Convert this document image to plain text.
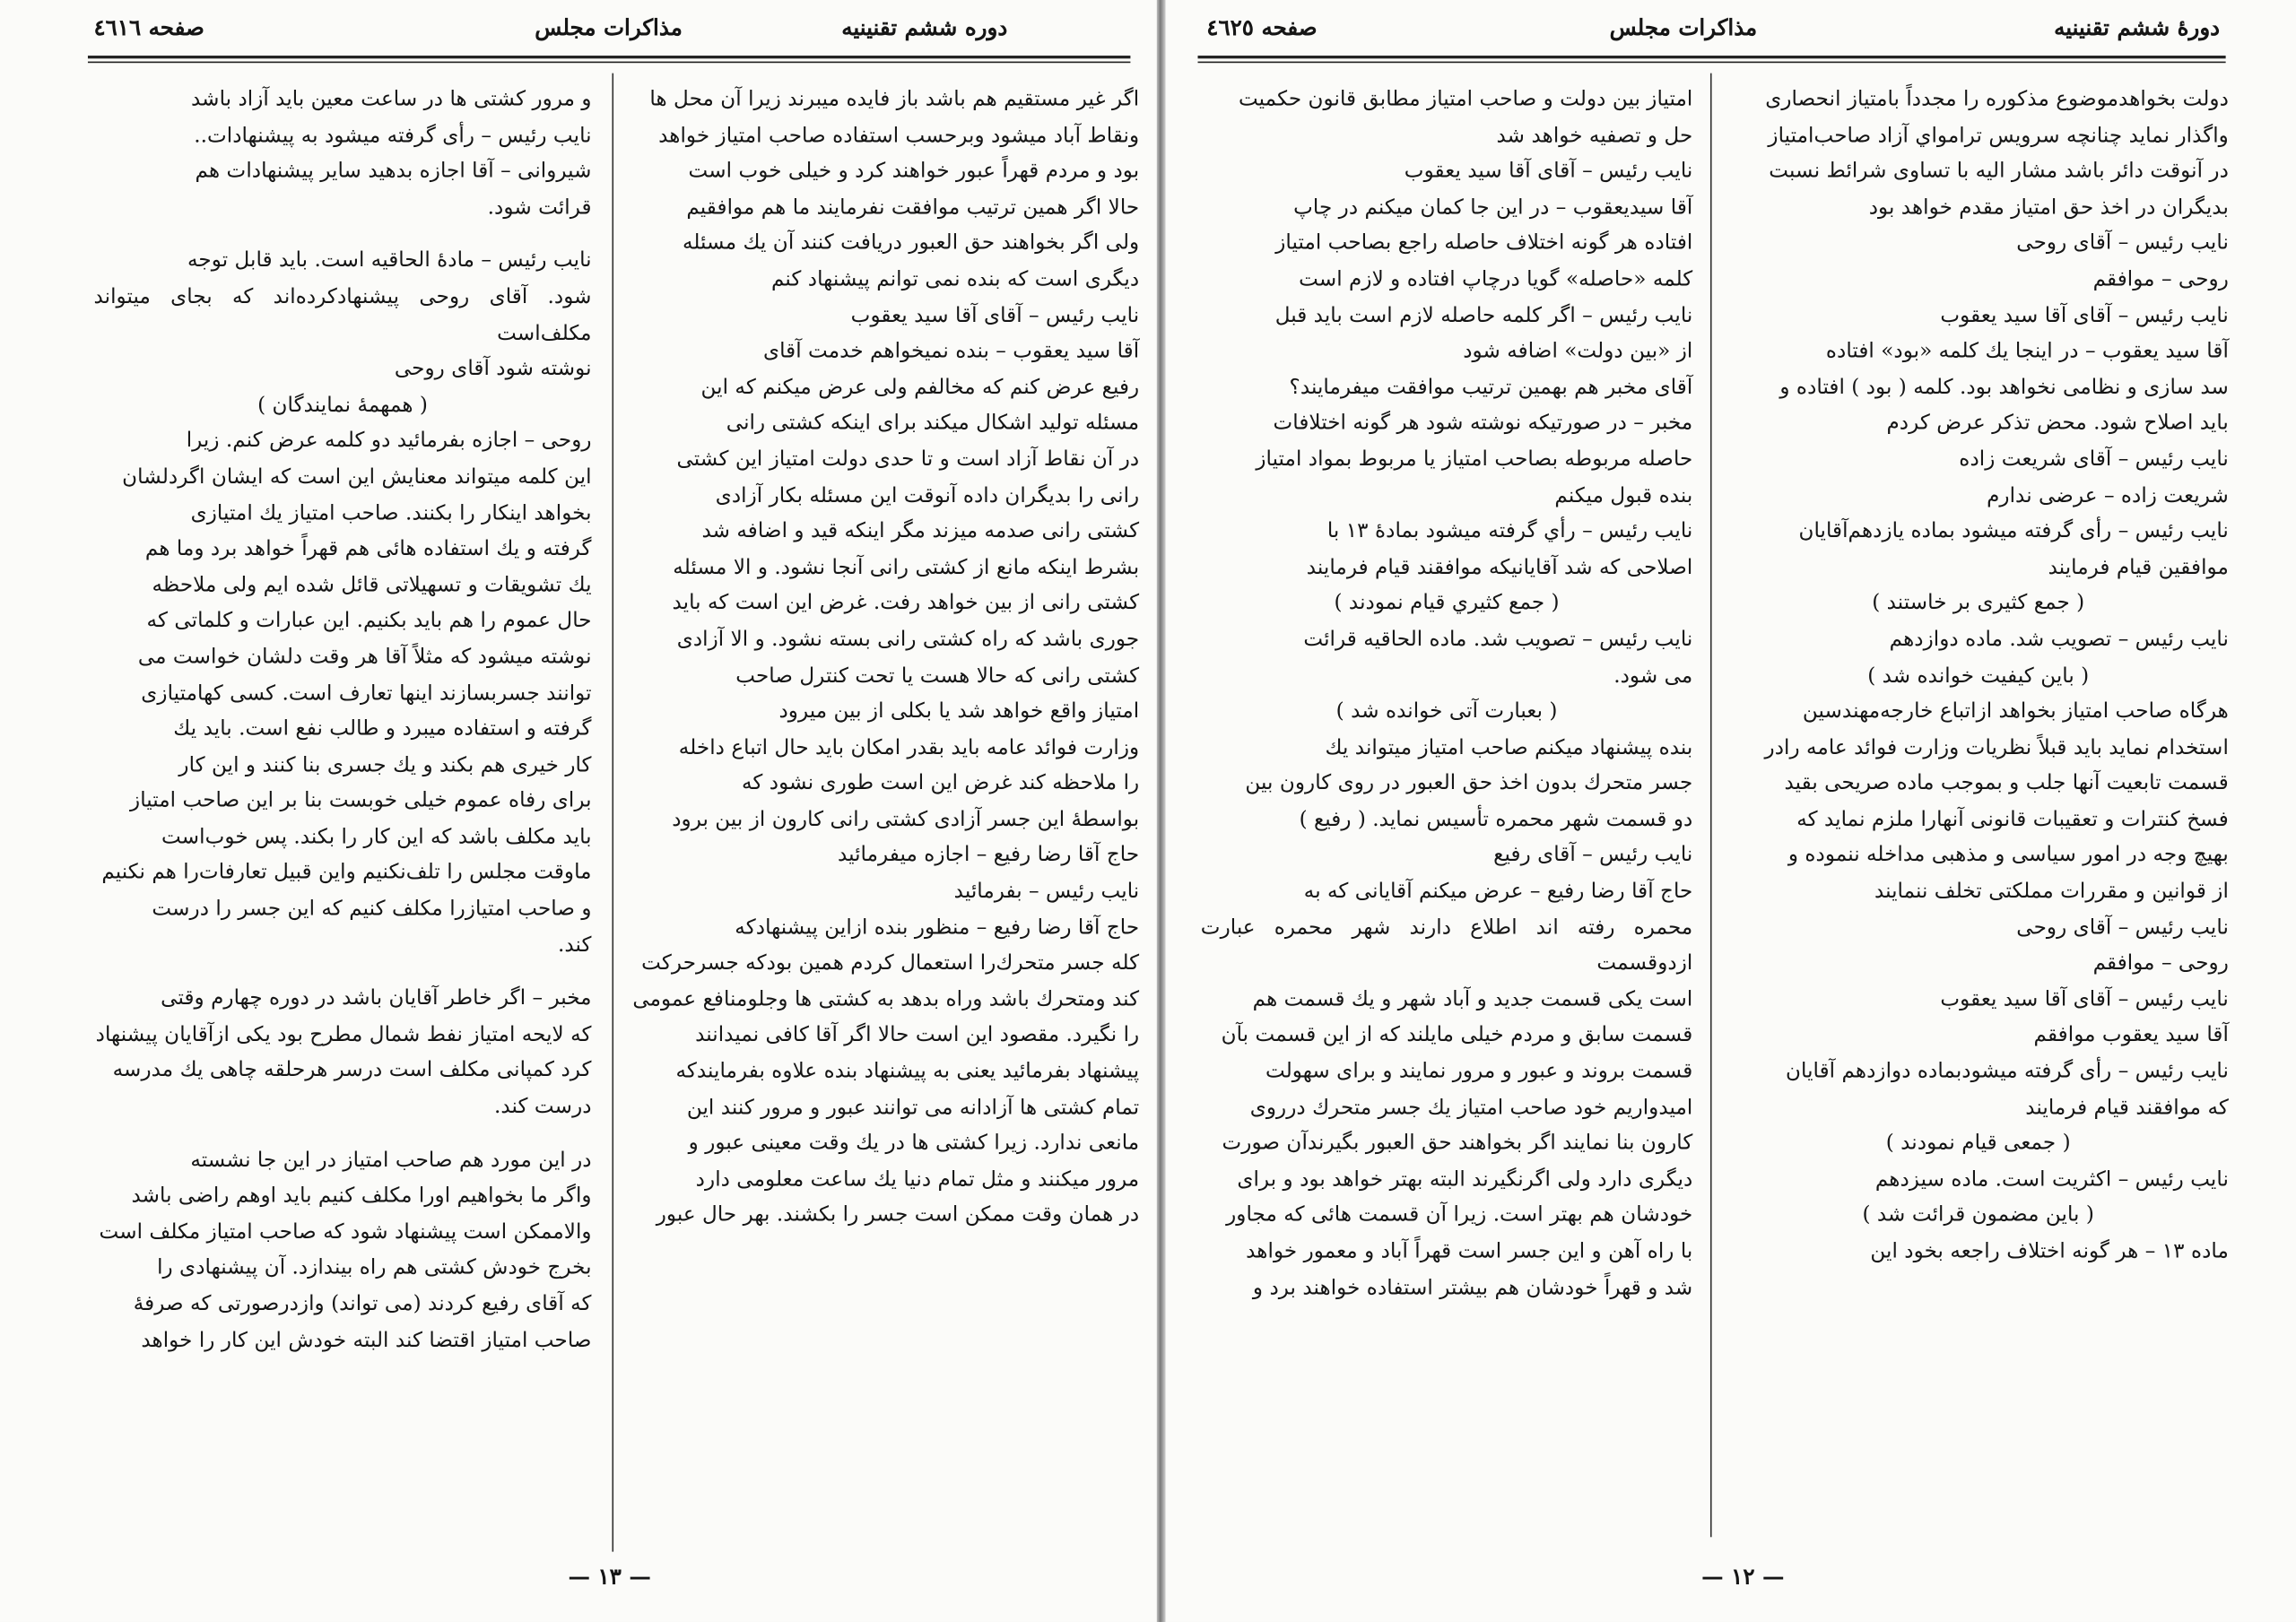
دوره ششم تقنینیه
مذاکرات مجلس
صفحه ٤٦١٦

اگر غیر مستقیم هم باشد باز فایده میبرند زیرا آن محل ها

ونقاط آباد میشود وبرحسب استفاده صاحب امتیاز خواهد

بود و مردم قهراً عبور خواهند کرد و خیلی خوب است

حالا اگر همین ترتیب موافقت نفرمایند ما هم موافقیم

ولی اگر بخواهند حق العبور دریافت کنند آن یك مسئله

دیگری است که بنده نمی توانم پیشنهاد کنم

نایب رئیس – آقای آقا سید یعقوب

آقا سید یعقوب – بنده نمیخواهم خدمت آقای

رفیع عرض کنم که مخالفم ولی عرض میکنم که این

مسئله تولید اشکال میکند برای اینکه کشتی رانی

در آن نقاط آزاد است و تا حدی دولت امتیاز این کشتی

رانی را بدیگران داده آنوقت این مسئله بکار آزادی

کشتی رانی صدمه میزند مگر اینکه قید و اضافه شد

بشرط اینکه مانع از کشتی رانی آنجا نشود. و الا مسئله

کشتی رانی از بین خواهد رفت. غرض این است که باید

جوری باشد که راه کشتی رانی بسته نشود. و الا آزادی

کشتی رانی که حالا هست یا تحت کنترل صاحب

امتیاز واقع خواهد شد یا بکلی از بین میرود

وزارت فوائد عامه باید بقدر امکان باید حال اتباع داخله

را ملاحظه کند غرض این است طوری نشود که

بواسطهٔ این جسر آزادی کشتی رانی کارون از بین برود

حاج آقا رضا رفیع – اجازه میفرمائید

نایب رئیس – بفرمائید

حاج آقا رضا رفیع – منظور بنده ازاین پیشنهادکه

کله جسر متحرك‌را استعمال کردم همین بودکه جسرحرکت

کند ومتحرك باشد وراه بدهد به کشتی ها وجلومنافع عمومی

را نگیرد. مقصود این است حالا اگر آقا کافی نمیدانند

پیشنهاد بفرمائید یعنی به پیشنهاد بنده علاوه بفرمایندکه

تمام کشتی ها آزادانه می توانند عبور و مرور کنند این

مانعی ندارد. زیرا کشتی ها در یك وقت معینی عبور و

مرور میکنند و مثل تمام دنیا یك ساعت معلومی دارد

در همان وقت ممکن است جسر را بکشند. بهر حال عبور

و مرور کشتی ها در ساعت معین باید آزاد باشد

نایب رئیس – رأی گرفته میشود به پیشنهادات..

شیروانی – آقا اجازه بدهید سایر پیشنهادات هم

قرائت شود.

نایب رئیس – مادهٔ الحاقیه است. باید قابل توجه

شود. آقای روحی پیشنهادکرده‌اند که بجای میتواند مکلف‌است

نوشته شود آقای روحی

( همهمهٔ نمایندگان )

روحی – اجازه بفرمائید دو کلمه عرض کنم. زیرا

این کلمه میتواند معنایش این است که ایشان اگردلشان

بخواهد اینکار را بکنند. صاحب امتیاز یك امتیازی

گرفته و یك استفاده هائی هم قهراً خواهد برد وما هم

یك تشویقات و تسهیلاتی قائل شده ایم ولی ملاحظه

حال عموم را هم باید بکنیم. این عبارات و کلماتی که

نوشته میشود که مثلاً آقا هر وقت دلشان خواست می

توانند جسربسازند اینها تعارف است. کسی کهامتیازی

گرفته و استفاده میبرد و طالب نفع است. باید یك

کار خیری هم بکند و یك جسری بنا کنند و این کار

برای رفاه عموم خیلی خوبست بنا بر این صاحب امتیاز

باید مکلف باشد که این کار را بکند. پس خوب‌است

ماوقت مجلس را تلف‌نکنیم واین قبیل تعارفات‌را هم نکنیم

و صاحب امتیازرا مکلف کنیم که این جسر را درست

کند.

مخبر – اگر خاطر آقایان باشد در دوره چهارم وقتی

که لایحه امتیاز نفط شمال مطرح بود یکی ازآقایان پیشنهاد

کرد کمپانی مکلف است درسر هرحلقه چاهی یك مدرسه

درست کند.

در این مورد هم صاحب امتیاز در این جا نشسته

واگر ما بخواهیم اورا مکلف کنیم باید اوهم راضی باشد

والاممکن است پیشنهاد شود که صاحب امتیاز مکلف است

بخرج خودش کشتی هم راه بیندازد. آن پیشنهادی را

که آقای رفیع کردند (می تواند) وازدرصورتی که صرفهٔ

صاحب امتیاز اقتضا کند البته خودش این کار را خواهد

— ١٣ —
دورهٔ ششم تقنینیه
مذاکرات مجلس
صفحه ٤٦٢٥

دولت بخواهدموضوع مذکوره را مجدداً بامتیاز انحصاری

واگذار نماید چنانچه سرویس ترامواي آزاد صاحب‌امتیاز

در آنوقت دائر باشد مشار الیه با تساوی شرائط نسبت

بدیگران در اخذ حق امتیاز مقدم خواهد بود

نایب رئیس – آقای روحی

روحی – موافقم

نایب رئیس – آقای آقا سید یعقوب

آقا سید یعقوب – در اینجا یك کلمه «بود» افتاده

سد سازی و نظامی نخواهد بود. کلمه ( بود ) افتاده و

باید اصلاح شود. محض تذکر عرض کردم

نایب رئیس – آقای شریعت زاده

شریعت زاده – عرضی ندارم

نایب رئیس – رأی گرفته میشود بماده یازدهم‌آقایان

موافقین قیام فرمایند

( جمع کثیری بر خاستند )

نایب رئیس – تصویب شد. ماده دوازدهم

( باین کیفیت خوانده شد )

هرگاه صاحب امتیاز بخواهد ازاتباع خارجه‌مهندسین

استخدام نماید باید قبلاً نظریات وزارت فوائد عامه رادر

قسمت تابعیت آنها جلب و بموجب ماده صریحی بقید

فسخ کنترات و تعقیبات قانونی آنهارا ملزم نماید که

بهیچ وجه در امور سیاسی و مذهبی مداخله ننموده و

از قوانین و مقررات مملکتی تخلف ننمایند

نایب رئیس – آقای روحی

روحی – موافقم

نایب رئیس – آقای آقا سید یعقوب

آقا سید یعقوب موافقم

نایب رئیس – رأی گرفته میشودبماده دوازدهم آقایان

که موافقند قیام فرمایند

( جمعی قیام نمودند )

نایب رئیس – اکثریت است. ماده سیزدهم

( باین مضمون قرائت شد )

ماده ١٣ – هر گونه اختلاف راجعه بخود این

امتیاز بین دولت و صاحب امتیاز مطابق قانون حکمیت

حل و تصفیه خواهد شد

نایب رئیس – آقای آقا سید یعقوب

آقا سیدیعقوب – در این جا کمان میکنم در چاپ

افتاده هر گونه اختلاف حاصله راجع بصاحب امتیاز

کلمه «حاصله» گویا درچاپ افتاده و لازم است

نایب رئیس – اگر کلمه حاصله لازم است باید قبل

از «بین دولت» اضافه شود

آقای مخبر هم بهمین ترتیب موافقت میفرمایند؟

مخبر – در صورتیکه نوشته شود هر گونه اختلافات

حاصله مربوطه بصاحب امتیاز یا مربوط بمواد امتیاز

بنده قبول میکنم

نایب رئیس – رأي گرفته میشود بمادهٔ ١٣ با

اصلاحی که شد آقایانیکه موافقند قیام فرمایند

( جمع کثیري قیام نمودند )

نایب رئیس – تصویب شد. ماده الحاقیه قرائت

می شود.

( بعبارت آتی خوانده شد )

بنده پیشنهاد میکنم صاحب امتیاز میتواند یك

جسر متحرك بدون اخذ حق العبور در روی کارون بین

دو قسمت شهر محمره تأسیس نماید. ( رفیع )

نایب رئیس – آقای رفیع

حاج آقا رضا رفیع – عرض میکنم آقایانی که به

محمره رفته اند اطلاع دارند شهر محمره عبارت ازدوقسمت

است یکی قسمت جدید و آباد شهر و یك قسمت هم

قسمت سابق و مردم خیلی مایلند که از این قسمت بآن

قسمت بروند و عبور و مرور نمایند و برای سهولت

امیدواریم خود صاحب امتیاز یك جسر متحرك درروی

کارون بنا نمایند اگر بخواهند حق العبور بگیرندآن صورت

دیگری دارد ولی اگرنگیرند البته بهتر خواهد بود و برای

خودشان هم بهتر است. زیرا آن قسمت هائی که مجاور

با راه آهن و این جسر است قهراً آباد و معمور خواهد

شد و قهراً خودشان هم بیشتر استفاده خواهند برد و

— ١٢ —
